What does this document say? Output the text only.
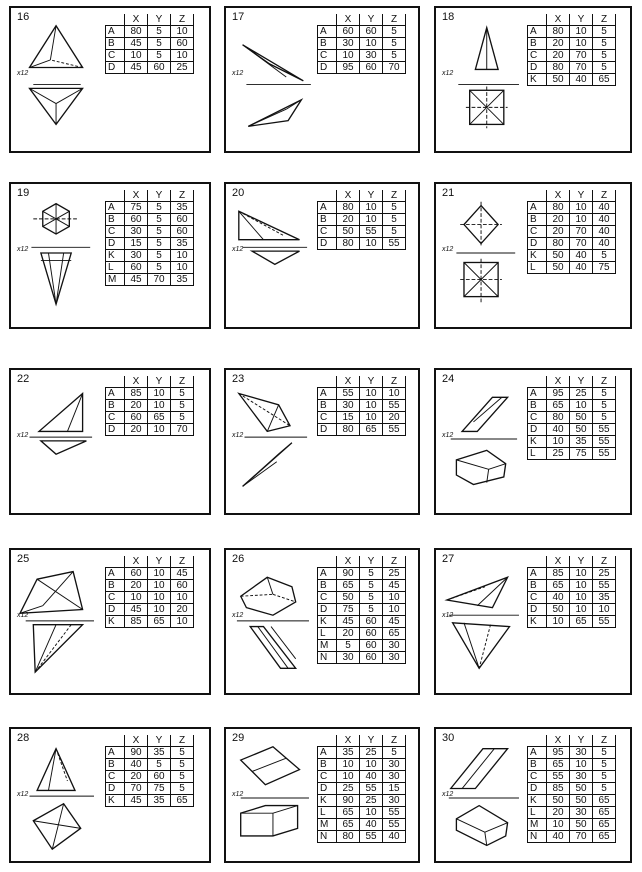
16
x12
	X	Y	Z
A	80	5	10
B	45	5	60
C	10	5	10
D	45	60	25
17
x12
	X	Y	Z
A	60	60	5
B	30	10	5
C	10	30	5
D	95	60	70
18
x12
	X	Y	Z
A	80	10	5
B	20	10	5
C	20	70	5
D	80	70	5
K	50	40	65
19
x12
	X	Y	Z
A	75	5	35
B	60	5	60
C	30	5	60
D	15	5	35
K	30	5	10
L	60	5	10
M	45	70	35
20
x12
	X	Y	Z
A	80	10	5
B	20	10	5
C	50	55	5
D	80	10	55
21
x12
	X	Y	Z
A	80	10	40
B	20	10	40
C	20	70	40
D	80	70	40
K	50	40	5
L	50	40	75
22
x12
	X	Y	Z
A	85	10	5
B	20	10	5
C	60	65	5
D	20	10	70
23
x12
	X	Y	Z
A	55	10	10
B	30	10	55
C	15	10	20
D	80	65	55
24
x12
	X	Y	Z
A	95	25	5
B	65	10	5
C	80	50	5
D	40	50	55
K	10	35	55
L	25	75	55
25
x12
	X	Y	Z
A	60	10	45
B	20	10	60
C	10	10	10
D	45	10	20
K	85	65	10
26
x12
	X	Y	Z
A	90	5	25
B	65	5	45
C	50	5	10
D	75	5	10
K	45	60	45
L	20	60	65
M	5	60	30
N	30	60	30
27
x12
	X	Y	Z
A	85	10	25
B	65	10	55
C	40	10	35
D	50	10	10
K	10	65	55
28
x12
	X	Y	Z
A	90	35	5
B	40	5	5
C	20	60	5
D	70	75	5
K	45	35	65
29
x12
	X	Y	Z
A	35	25	5
B	10	10	30
C	10	40	30
D	25	55	15
K	90	25	30
L	65	10	55
M	65	40	55
N	80	55	40
30
x12
	X	Y	Z
A	95	30	5
B	65	10	5
C	55	30	5
D	85	50	5
K	50	50	65
L	20	30	65
M	10	50	65
N	40	70	65
